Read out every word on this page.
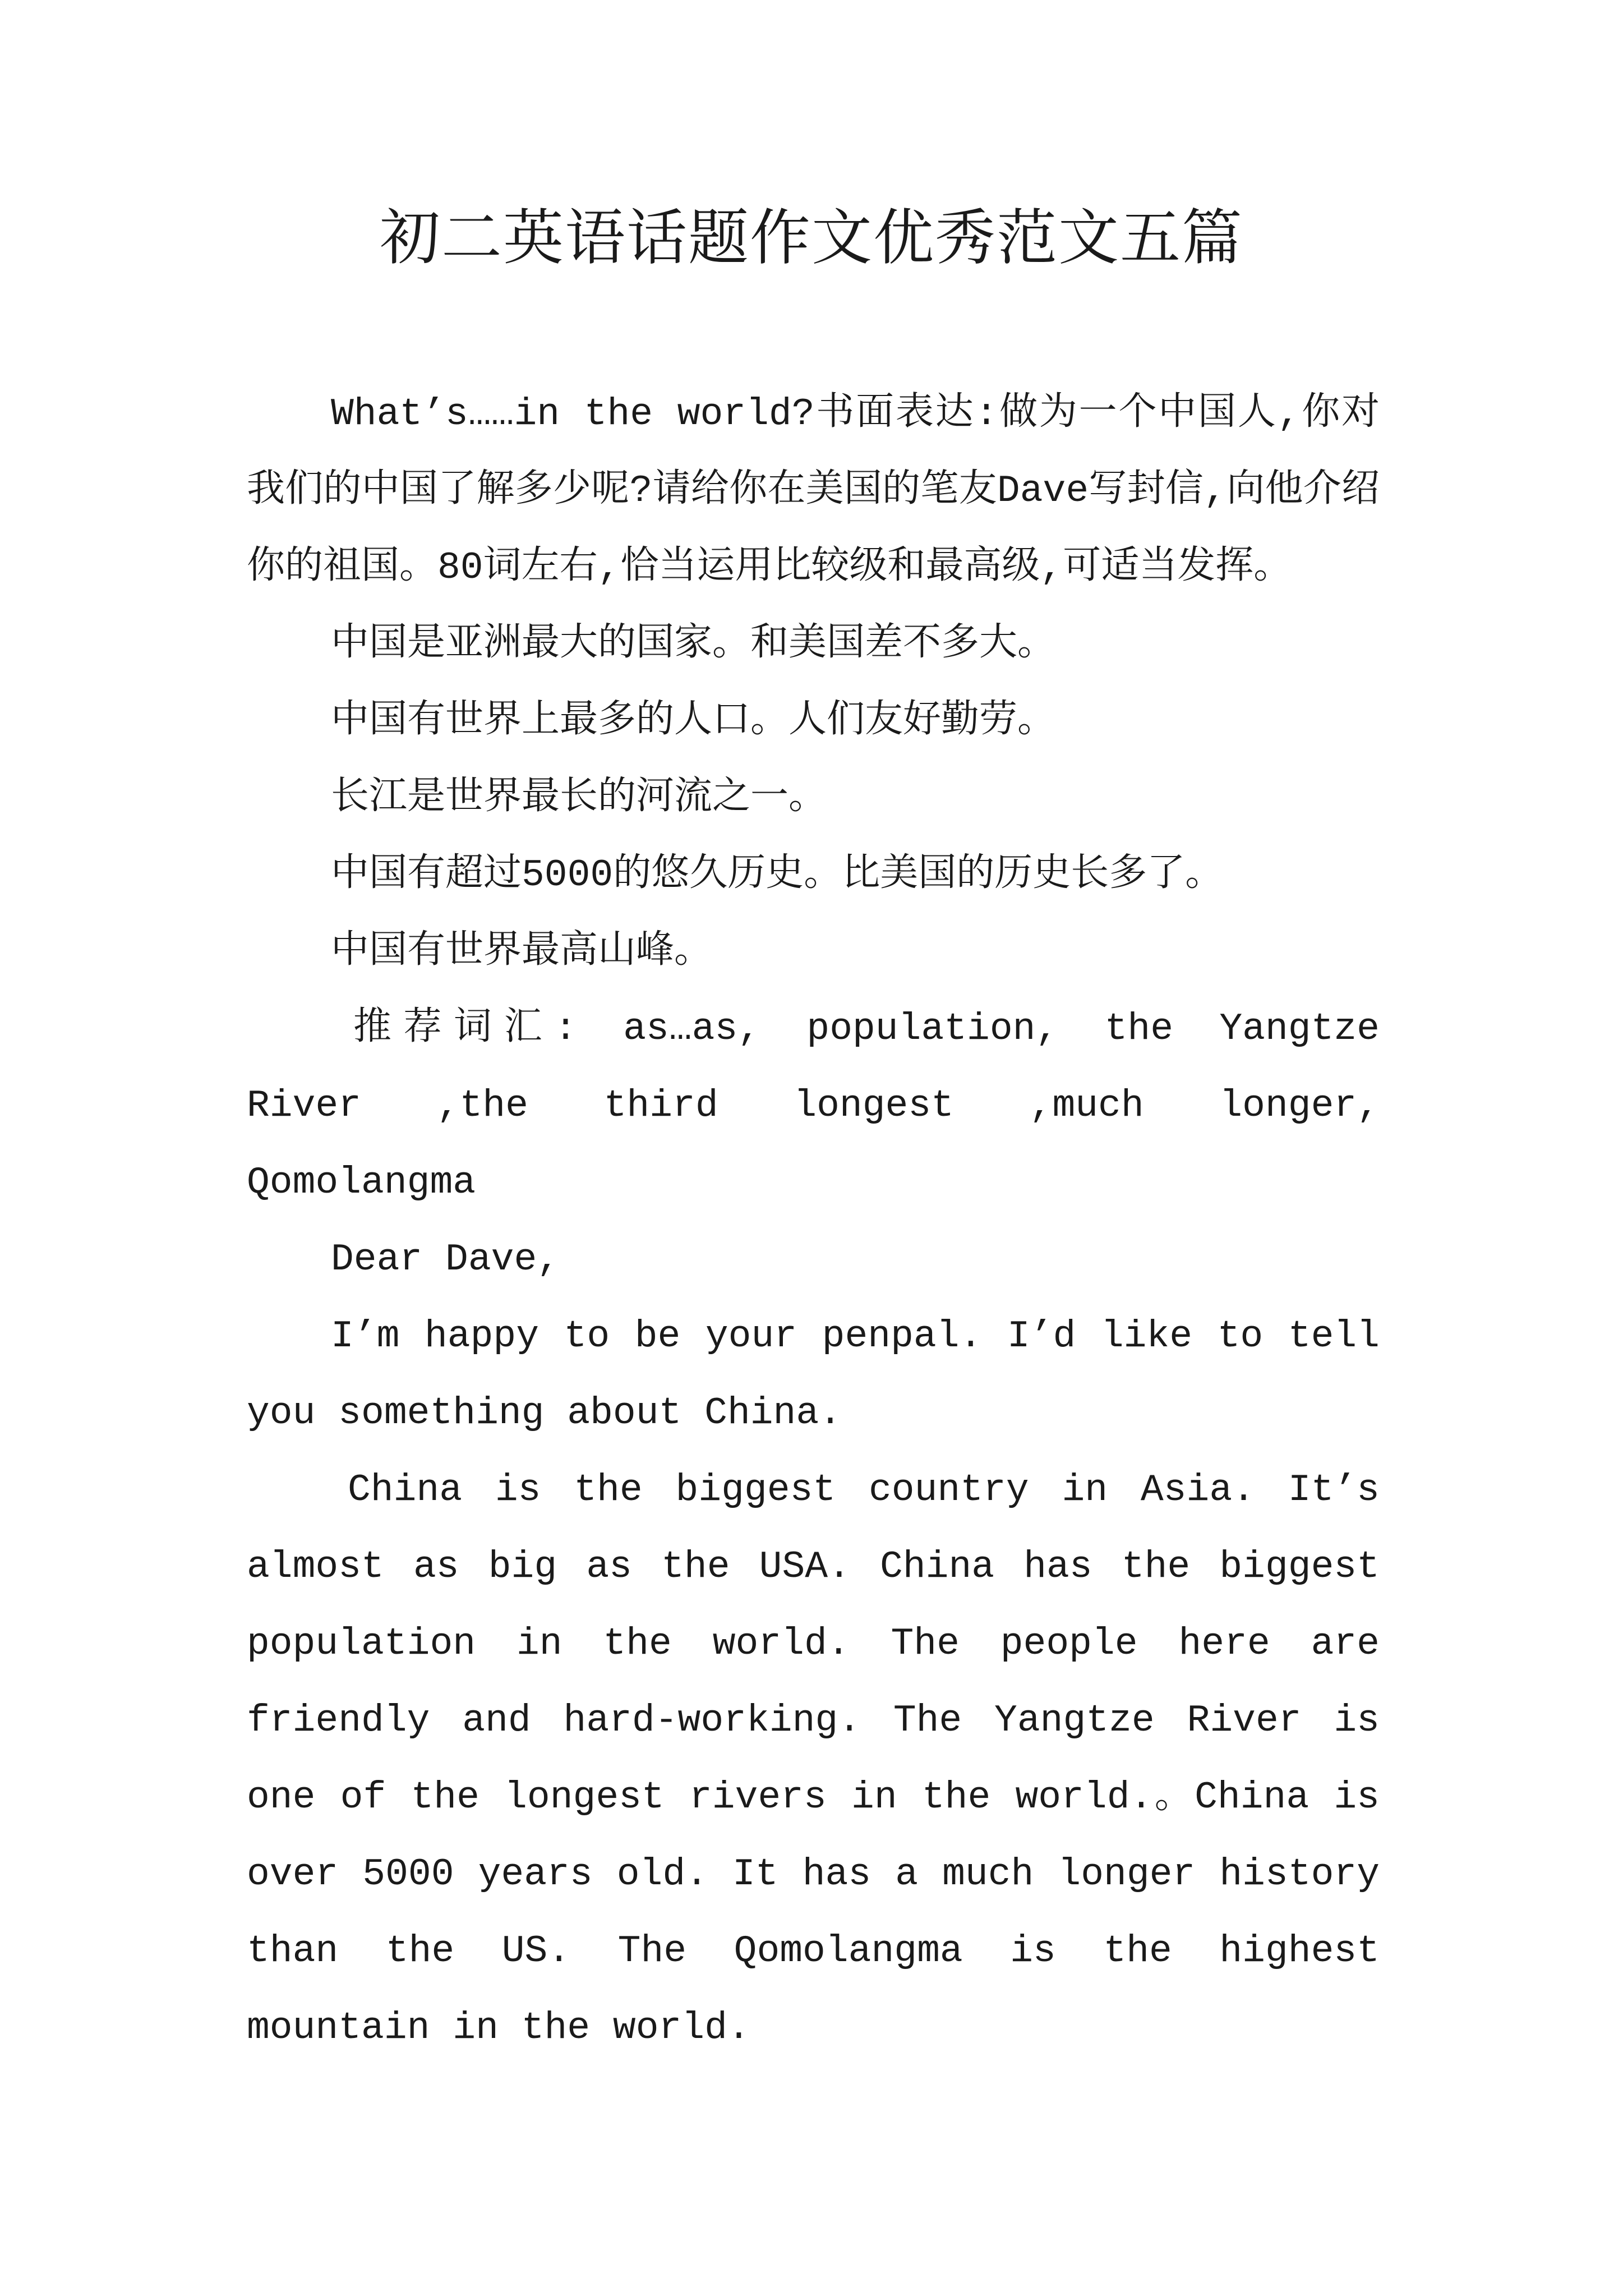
初二英语话题作文优秀范文五篇

What’s……in the world?书面表达:做为一个中国人,你对我们的中国了解多少呢?请给你在美国的笔友Dave写封信,向他介绍你的祖国。80词左右,恰当运用比较级和最高级,可适当发挥。

中国是亚洲最大的国家。和美国差不多大。

中国有世界上最多的人口。人们友好勤劳。

长江是世界最长的河流之一。

中国有超过5000的悠久历史。比美国的历史长多了。

中国有世界最高山峰。

推荐词汇: as…as, population, the Yangtze River ,the third longest ,much longer, Qomolangma

Dear Dave,

I’m happy to be your penpal. I’d like to tell you something about China.

China is the biggest country in Asia. It’s almost as big as the USA. China has the biggest population in the world. The people here are friendly and hard-working. The Yangtze River is one of the longest rivers in the world.。China is over 5000 years old. It has a much longer history than the US. The Qomolangma is the highest mountain in the world.
